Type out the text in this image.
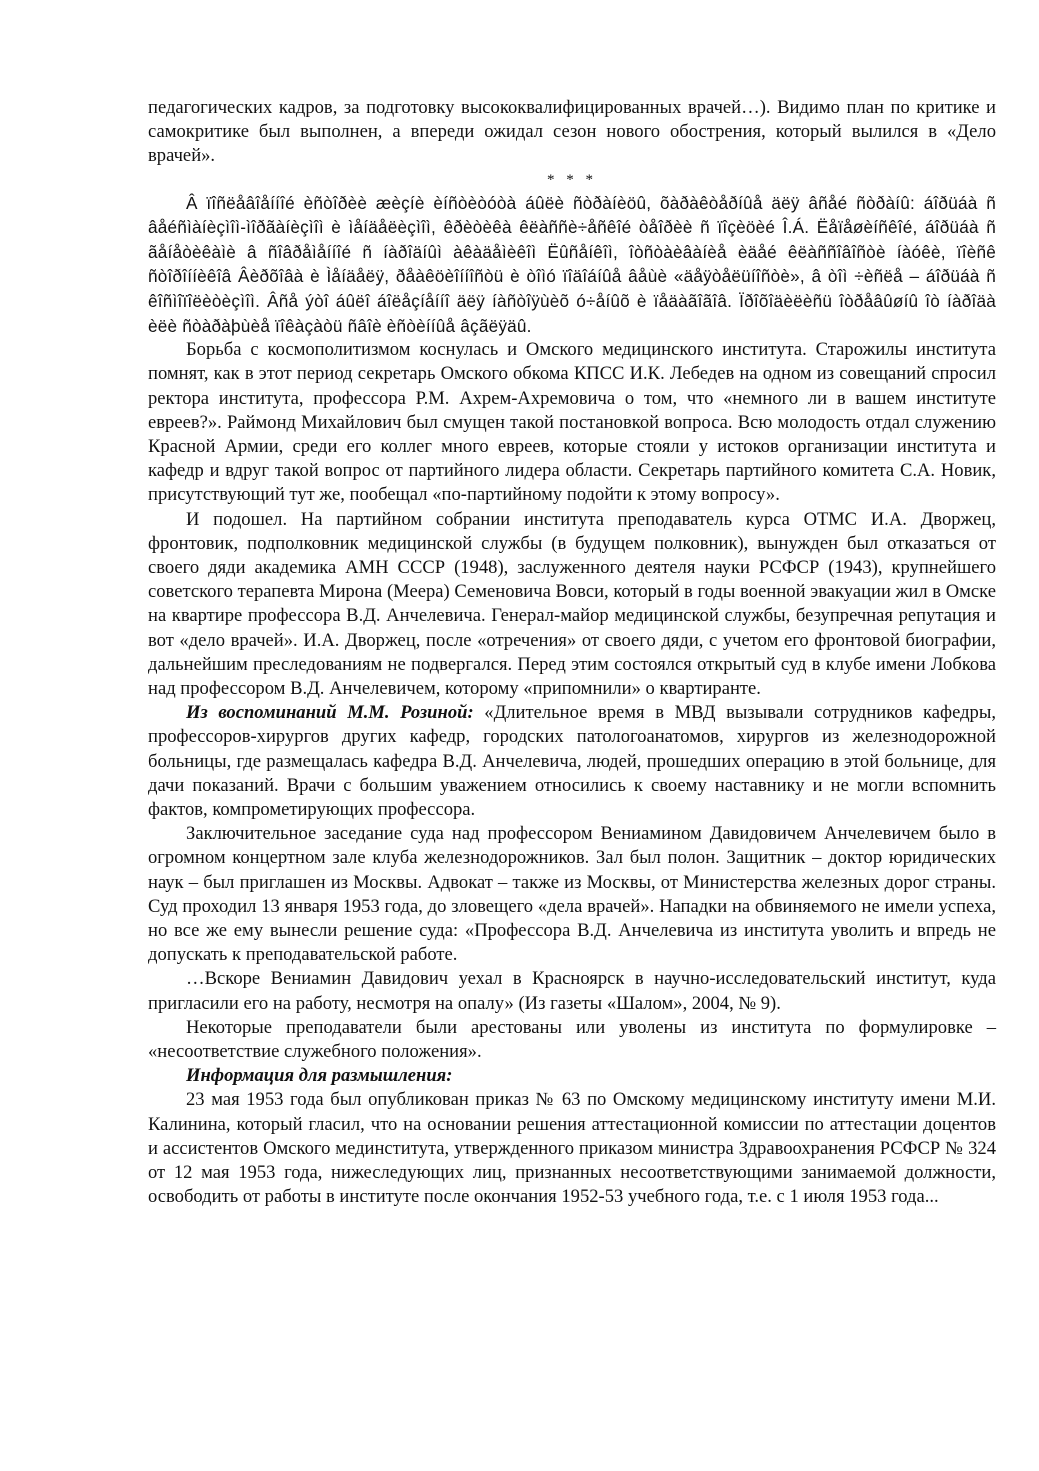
педагогических кадров, за подготовку высококвалифицированных врачей…). Видимо план по критике и самокритике был выполнен, а впереди ожидал сезон нового обострения, который вылился в «Дело врачей».

* * *

Â ïîñëåâîåííîé èñòîðèè æèçíè èíñòèòóòà áûëè ñòðàíèöû, õàðàêòåðíûå äëÿ âñåé ñòðàíû: áîðüáà ñ âåéñìàíèçìîì-ìîðãàíèçìîì è ìåíäåëèçìîì, êðèòèêà êëàññè÷åñêîé òåîðèè ñ ïîçèöèé Î.Á. Ëåïåøèíñêîé, áîðüáà ñ ãåíåòèêàìè â ñîâðåìåííîé ñ íàðîäíûì àêàäåìèêîì Ëûñåíêîì, îòñòàèâàíèå èäåé êëàññîâîñòè íàóêè, ïîèñê ñòîðîííèêîâ Âèðõîâà è Ìåíäåëÿ, ðåàêöèîííîñòü è òîìó ïîäîáíûå âåùè «äåÿòåëüíîñòè», â òîì ÷èñëå – áîðüáà ñ êîñìîïîëèòèçìîì. Âñå ýòî áûëî áîëåçíåííî äëÿ íàñòîÿùèõ ó÷åíûõ è ïåäàãîãîâ. Ïðîõîäèëèñü îòðåâûøíû îò íàðîäà èëè ñòàðàþùèå ïîêàçàòü ñâîè èñòèííûå âçãëÿäû.

Борьба с космополитизмом коснулась и Омского медицинского института. Старожилы института помнят, как в этот период секретарь Омского обкома КПСС И.К. Лебедев на одном из совещаний спросил ректора института, профессора Р.М. Ахрем-Ахремовича о том, что «немного ли в вашем институте евреев?». Раймонд Михайлович был смущен такой постановкой вопроса. Всю молодость отдал служению Красной Армии, среди его коллег много евреев, которые стояли у истоков организации института и кафедр и вдруг такой вопрос от партийного лидера области. Секретарь партийного комитета С.А. Новик, присутствующий тут же, пообещал «по-партийному подойти к этому вопросу».

И подошел. На партийном собрании института преподаватель курса ОТМС И.А. Дворжец, фронтовик, подполковник медицинской службы (в будущем полковник), вынужден был отказаться от своего дяди академика АМН СССР (1948), заслуженного деятеля науки РСФСР (1943), крупнейшего советского терапевта Мирона (Меера) Семеновича Вовси, который в годы военной эвакуации жил в Омске на квартире профессора В.Д. Анчелевича. Генерал-майор медицинской службы, безупречная репутация и вот «дело врачей». И.А. Дворжец, после «отречения» от своего дяди, с учетом его фронтовой биографии, дальнейшим преследованиям не подвергался. Перед этим состоялся открытый суд в клубе имени Лобкова над профессором В.Д. Анчелевичем, которому «припомнили» о квартиранте.

Из воспоминаний М.М. Розиной: «Длительное время в МВД вызывали сотрудников кафедры, профессоров-хирургов других кафедр, городских патологоанатомов, хирургов из железнодорожной больницы, где размещалась кафедра В.Д. Анчелевича, людей, прошедших операцию в этой больнице, для дачи показаний. Врачи с большим уважением относились к своему наставнику и не могли вспомнить фактов, компрометирующих профессора.

Заключительное заседание суда над профессором Вениамином Давидовичем Анчелевичем было в огромном концертном зале клуба железнодорожников. Зал был полон. Защитник – доктор юридических наук – был приглашен из Москвы. Адвокат – также из Москвы, от Министерства железных дорог страны. Суд проходил 13 января 1953 года, до зловещего «дела врачей». Нападки на обвиняемого не имели успеха, но все же ему вынесли решение суда: «Профессора В.Д. Анчелевича из института уволить и впредь не допускать к преподавательской работе.

…Вскоре Вениамин Давидович уехал в Красноярск в научно-исследовательский институт, куда пригласили его на работу, несмотря на опалу» (Из газеты «Шалом», 2004, № 9).

Некоторые преподаватели были арестованы или уволены из института по формулировке – «несоответствие служебного положения».

Информация для размышления:

23 мая 1953 года был опубликован приказ № 63 по Омскому медицинскому институту имени М.И. Калинина, который гласил, что на основании решения аттестационной комиссии по аттестации доцентов и ассистентов Омского мединститута, утвержденного приказом министра Здравоохранения РСФСР № 324 от 12 мая 1953 года, нижеследующих лиц, признанных несоответствующими занимаемой должности, освободить от работы в институте после окончания 1952-53 учебного года, т.е. с 1 июля 1953 года...
